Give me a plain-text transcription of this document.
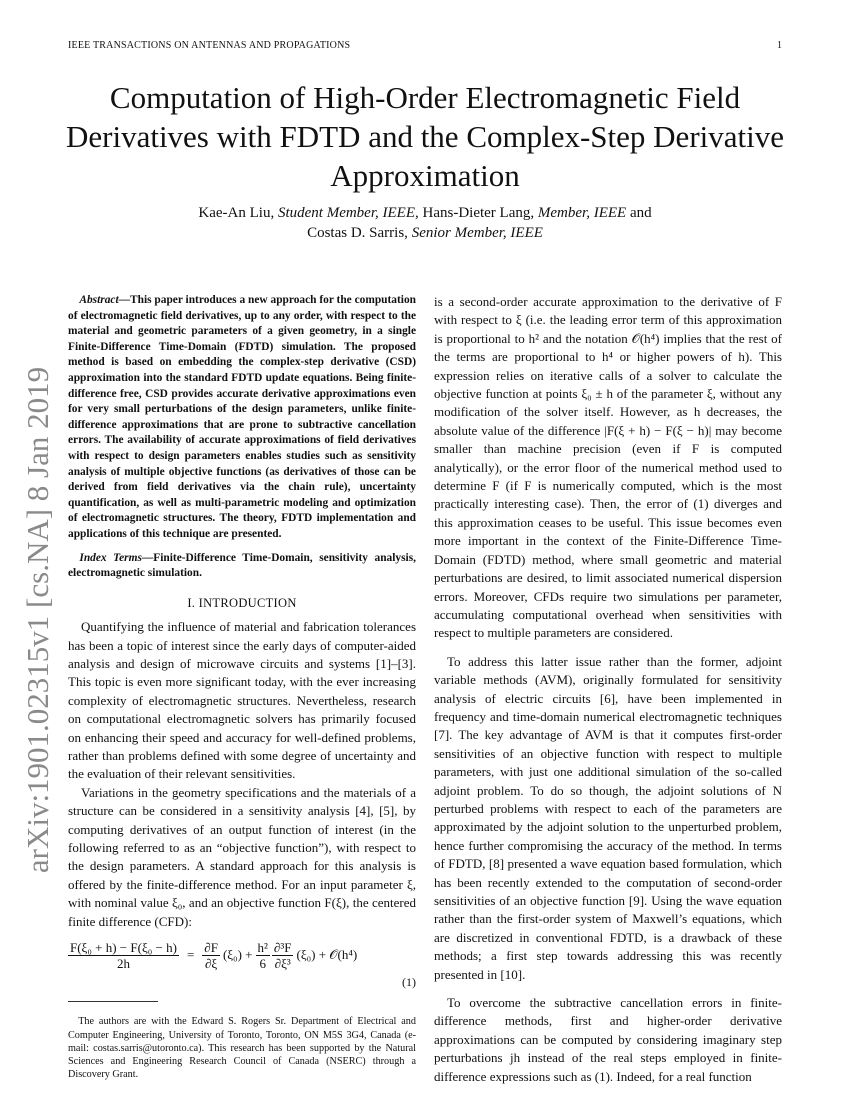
IEEE TRANSACTIONS ON ANTENNAS AND PROPAGATIONS	1
arXiv:1901.02315v1 [cs.NA] 8 Jan 2019
Computation of High-Order Electromagnetic Field Derivatives with FDTD and the Complex-Step Derivative Approximation
Kae-An Liu, Student Member, IEEE, Hans-Dieter Lang, Member, IEEE and
Costas D. Sarris, Senior Member, IEEE

Abstract—This paper introduces a new approach for the computation of electromagnetic field derivatives, up to any order, with respect to the material and geometric parameters of a given geometry, in a single Finite-Difference Time-Domain (FDTD) simulation. The proposed method is based on embedding the complex-step derivative (CSD) approximation into the standard FDTD update equations. Being finite-difference free, CSD provides accurate derivative approximations even for very small perturbations of the design parameters, unlike finite-difference approximations that are prone to subtractive cancellation errors. The availability of accurate approximations of field derivatives with respect to design parameters enables studies such as sensitivity analysis of multiple objective functions (as derivatives of those can be derived from field derivatives via the chain rule), uncertainty quantification, as well as multi-parametric modeling and optimization of electromagnetic structures. The theory, FDTD implementation and applications of this technique are presented.

Index Terms—Finite-Difference Time-Domain, sensitivity analysis, electromagnetic simulation.

I. INTRODUCTION

Quantifying the influence of material and fabrication tolerances has been a topic of interest since the early days of computer-aided analysis and design of microwave circuits and systems [1]–[3]. This topic is even more significant today, with the ever increasing complexity of electromagnetic structures. Nevertheless, research on computational electromagnetic solvers has primarily focused on enhancing their speed and accuracy for well-defined problems, rather than problems defined with some degree of uncertainty and the evaluation of their relevant sensitivities.

Variations in the geometry specifications and the materials of a structure can be considered in a sensitivity analysis [4], [5], by computing derivatives of an output function of interest (in the following referred to as an “objective function”), with respect to the design parameters. A standard approach for this analysis is offered by the finite-difference method. For an input parameter ξ, with nominal value ξ₀, and an objective function F(ξ), the centered finite difference (CFD):

$\frac{\text{F(ξ₀ + h) − F(ξ₀ − h)}}{2h} = \frac{\partial F}{\partial\xi} (\xi_0) + \frac{\text{h²}}{6} \frac{\text{∂³F}}{\text{∂ξ³}} (\xi_0)$ + 𝒪(h⁴)
(1)

The authors are with the Edward S. Rogers Sr. Department of Electrical and Computer Engineering, University of Toronto, Toronto, ON M5S 3G4, Canada (e-mail: costas.sarris@utoronto.ca). This research has been supported by the Natural Sciences and Engineering Research Council of Canada (NSERC) through a Discovery Grant.

is a second-order accurate approximation to the derivative of F with respect to ξ (i.e. the leading error term of this approximation is proportional to h² and the notation 𝒪(h⁴) implies that the rest of the terms are proportional to h⁴ or higher powers of h). This expression relies on iterative calls of a solver to calculate the objective function at points ξ₀ ± h of the parameter ξ, without any modification of the solver itself. However, as h decreases, the absolute value of the difference |F(ξ + h) − F(ξ − h)| may become smaller than machine precision (even if F is computed analytically), or the error floor of the numerical method used to determine F (if F is numerically computed, which is the most practically interesting case). Then, the error of (1) diverges and this approximation ceases to be useful. This issue becomes even more important in the context of the Finite-Difference Time-Domain (FDTD) method, where small geometric and material perturbations are desired, to limit associated numerical dispersion errors. Moreover, CFDs require two simulations per parameter, accumulating computational overhead when sensitivities with respect to multiple parameters are considered.

To address this latter issue rather than the former, adjoint variable methods (AVM), originally formulated for sensitivity analysis of electric circuits [6], have been implemented in frequency and time-domain numerical electromagnetic techniques [7]. The key advantage of AVM is that it computes first-order sensitivities of an objective function with respect to multiple parameters, with just one additional simulation of the so-called adjoint problem. To do so though, the adjoint solutions of N perturbed problems with respect to each of the parameters are approximated by the adjoint solution to the unperturbed problem, hence further compromising the accuracy of the method. In terms of FDTD, [8] presented a wave equation based formulation, which has been recently extended to the computation of second-order sensitivities of an objective function [9]. Using the wave equation rather than the first-order system of Maxwell’s equations, which are discretized in conventional FDTD, is a drawback of these methods; a first step towards addressing this was recently presented in [10].

To overcome the subtractive cancellation errors in finite-difference methods, first and higher-order derivative approximations can be computed by considering imaginary step perturbations jh instead of the real steps employed in finite-difference expressions such as (1). Indeed, for a real function
